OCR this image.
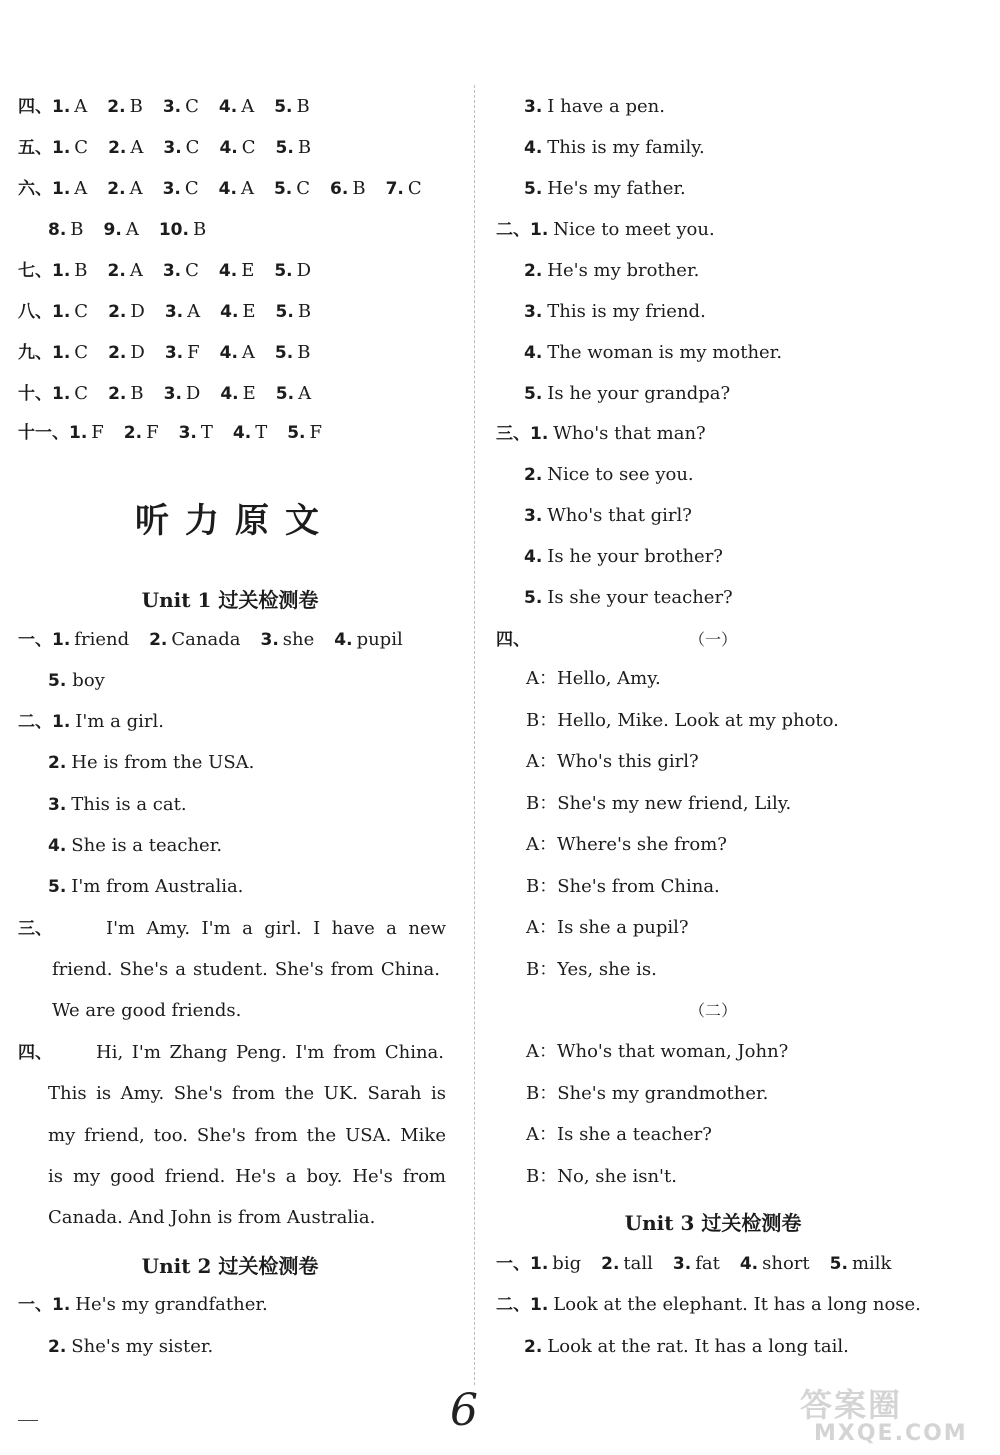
四、1. A 2. B 3. C 4. A 5. B
五、1. C 2. A 3. C 4. C 5. B
六、1. A 2. A 3. C 4. A 5. C 6. B 7. C
8. B 9. A 10. B
七、1. B 2. A 3. C 4. E 5. D
八、1. C 2. D 3. A 4. E 5. B
九、1. C 2. D 3. F 4. A 5. B
十、1. C 2. B 3. D 4. E 5. A
十一、1. F 2. F 3. T 4. T 5. F
听力原文
Unit 1 过关检测卷
一、1. friend 2. Canada 3. she 4. pupil
5. boy
二、1. I'm a girl.
2. He is from the USA.
3. This is a cat.
4. She is a teacher.
5. I'm from Australia.
三、	I'm Amy. I'm a girl. I have a new
friend. She's a student. She's from China.
We are good friends.
四、 Hi, I'm Zhang Peng. I'm from China.
This is Amy. She's from the UK. Sarah is
my friend, too. She's from the USA. Mike
is my good friend. He's a boy. He's from
Canada. And John is from Australia.
Unit 2 过关检测卷
一、1. He's my grandfather.
2. She's my sister.
3. I have a pen.
4. This is my family.
5. He's my father.
二、1. Nice to meet you.
2. He's my brother.
3. This is my friend.
4. The woman is my mother.
5. Is he your grandpa?
三、1. Who's that man?
2. Nice to see you.
3. Who's that girl?
4. Is he your brother?
5. Is she your teacher?
四、	（一）
A：Hello, Amy.
B：Hello, Mike. Look at my photo.
A：Who's this girl?
B：She's my new friend, Lily.
A：Where's she from?
B：She's from China.
A：Is she a pupil?
B：Yes, she is.
（二）
A：Who's that woman, John?
B：She's my grandmother.
A：Is she a teacher?
B：No, she isn't.
Unit 3 过关检测卷
一、1. big 2. tall 3. fat 4. short 5. milk
二、1. Look at the elephant. It has a long nose.
2. Look at the rat. It has a long tail.
6	答案圈
MXQE.COM
